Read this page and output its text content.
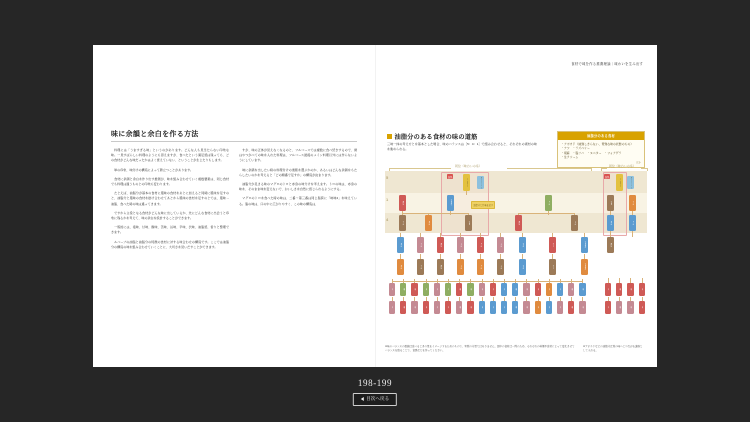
味に余韻と余白を作る方法

料理には「うますぎる味」というのがあります。どんな人も見当たらない印象な味。一見すばらしい料理のようにも思えますが、食べたという満足感は残っても、どの食材がどんな味だったかはよく覚えていない、ということが生じたりもします。

単の印象、味付けの構造によって際立つことがあります。

食材に余韻と余白を作り出す推測が、味を組み合わせていく複数要素は、同じ食材でも料理は違うものとの印象も変わります。

たとえば、油脂分が基本の食材に風味の食材をあとに加えると同時に風味を足すのと、油脂分と風味の食材を掛け合わせてあとから風味の食材を足すのとでは、風味→油脂、食べた時の味は違ってきます。

ですから主役となる食材がどんな味に出しているか、先にどんな食材に出会うと印象に残るかを考えて、味の余白を設計することができます。

一般的には、塩味、甘味、酸味、苦味、旨味、辛味、渋味、油脂感、香りと整理できます。

ルバーブの油脂と油脂分の特徴の食材に対する味合わせの構造です。ここでは油脂分の構造の味を組み合わせていくことに、大切さを見いだすことができます。

すが、味の正体が見えなくなるのと、フルコースでは複数に食べ続きするので、僕はやつがべての味を入れた料理は、フルコース最後のメイン料理以外には作らないようにしています。

味に余韻を出したい時の料理付けの道筋を選ぶかのか、あるいはどんな余韻をもたらしたいのかを考えると「どの順番で足すか」の構造が決まります。

油脂分が足さる味のマグロのトロと赤身の味分けを考えます。トロの味は、赤身の味を、そのまま味を変えないで、おいしさを自然に感じられるようにする。

マグロのトロを食べた時の味は、二番〜第三番は同じ脂質に「味味4」を味えている。脂の味は、口の中に広がりやすく、この味の構造は、

食材で味を作る推測理論｜味わいを生み出す
油脂分のある食材の味の道筋
三味一体の考え方とを基本とした場合、味のバランスは［5：4：1］で組み合わせると、それぞれの素材の味を進められる。
油脂分のある食材
・アボカド（純熟しきらない、青熟な味の状態のもの）
・ナツ　・ラズベリー
・胡麻　・脂ソバ　・ヌベター　・フォアグラ
・生クリーム
ほか
同位（味わいの系）	同位（味わいの系）
5
1
4
加熱
アボカド	生クリーム
酸味	油脂分	油脂分と甘味を足す
旨味
甘味	塩味	油脂	酸味	苦味
塩味	甘味	酸味	苦味	旨味	辛味	渋味	香り	油脂感
塩味	甘味	酸味	苦味	旨味	辛味	渋味	香り	油脂感
味	味	味	味	味	味	味	味	味	味	味	味	味	味	味	味	味	味
味	味	味	味	味	味	味	味	味	味	味	味	味	味	味	味	味	味
加熱
アボカド	生クリーム
油脂	甘味
塩味	旨味
酸味
味	味	味	味
味	味	味	味
※味のバランスの数値は食べるときの量をイメージするためのもので、実際の分量ではありません。図中の食材は一例のため、それぞれの料理や食材によって変化させてバランスを取ることで、食感などを作ってください。
※アボカドなどの油脂分は別の味へとつながる道筋として入れる。
198-199
目次へ戻る
